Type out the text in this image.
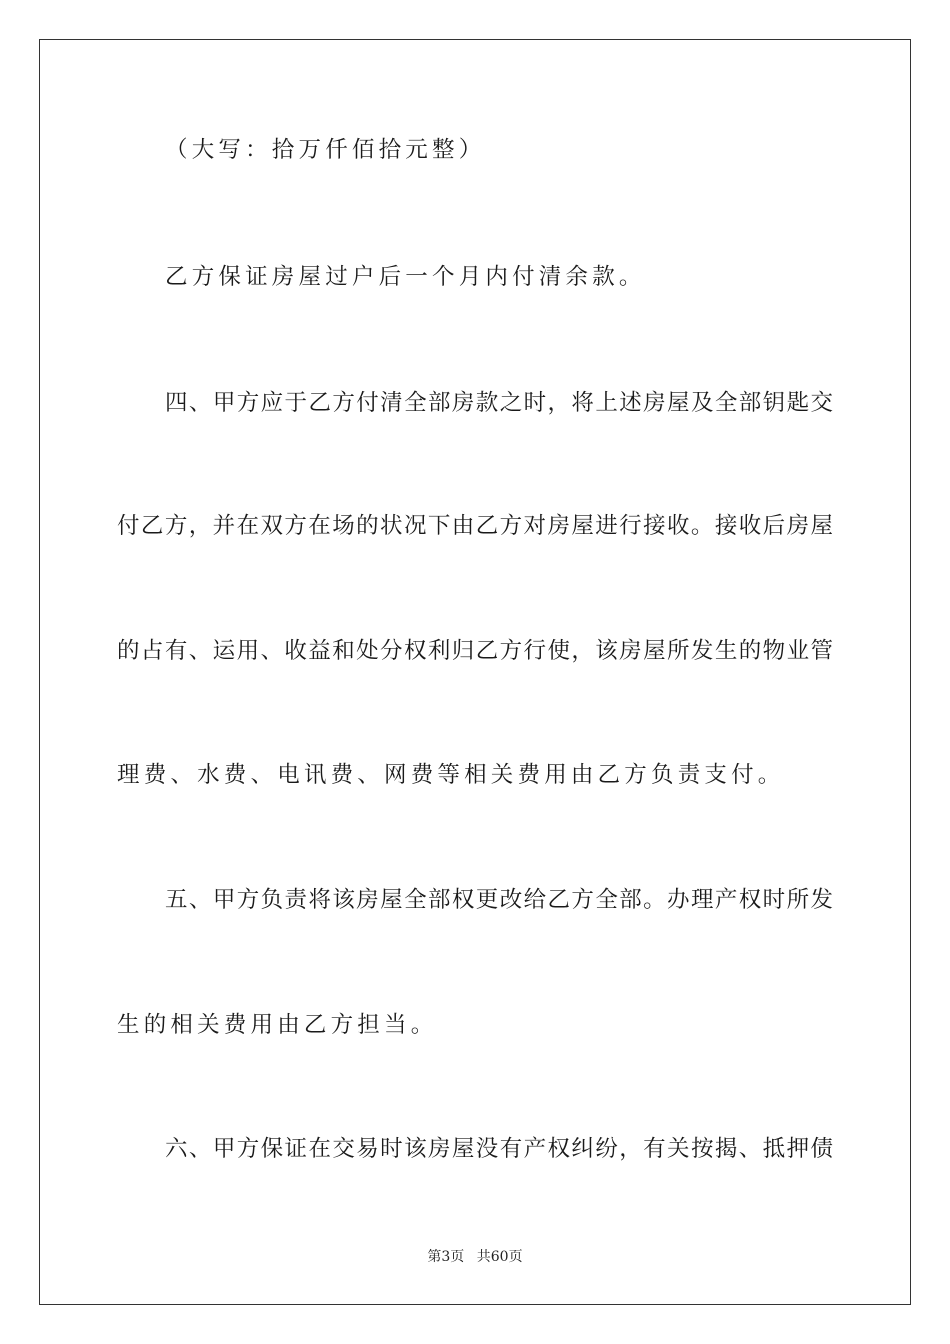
（大写：拾万仟佰拾元整）
乙方保证房屋过户后一个月内付清余款。
四、甲方应于乙方付清全部房款之时，将上述房屋及全部钥匙交
付乙方，并在双方在场的状况下由乙方对房屋进行接收。接收后房屋
的占有、运用、收益和处分权利归乙方行使，该房屋所发生的物业管
理费、水费、电讯费、网费等相关费用由乙方负责支付。
五、甲方负责将该房屋全部权更改给乙方全部。办理产权时所发
生的相关费用由乙方担当。
六、甲方保证在交易时该房屋没有产权纠纷，有关按揭、抵押债
第3页 共60页
